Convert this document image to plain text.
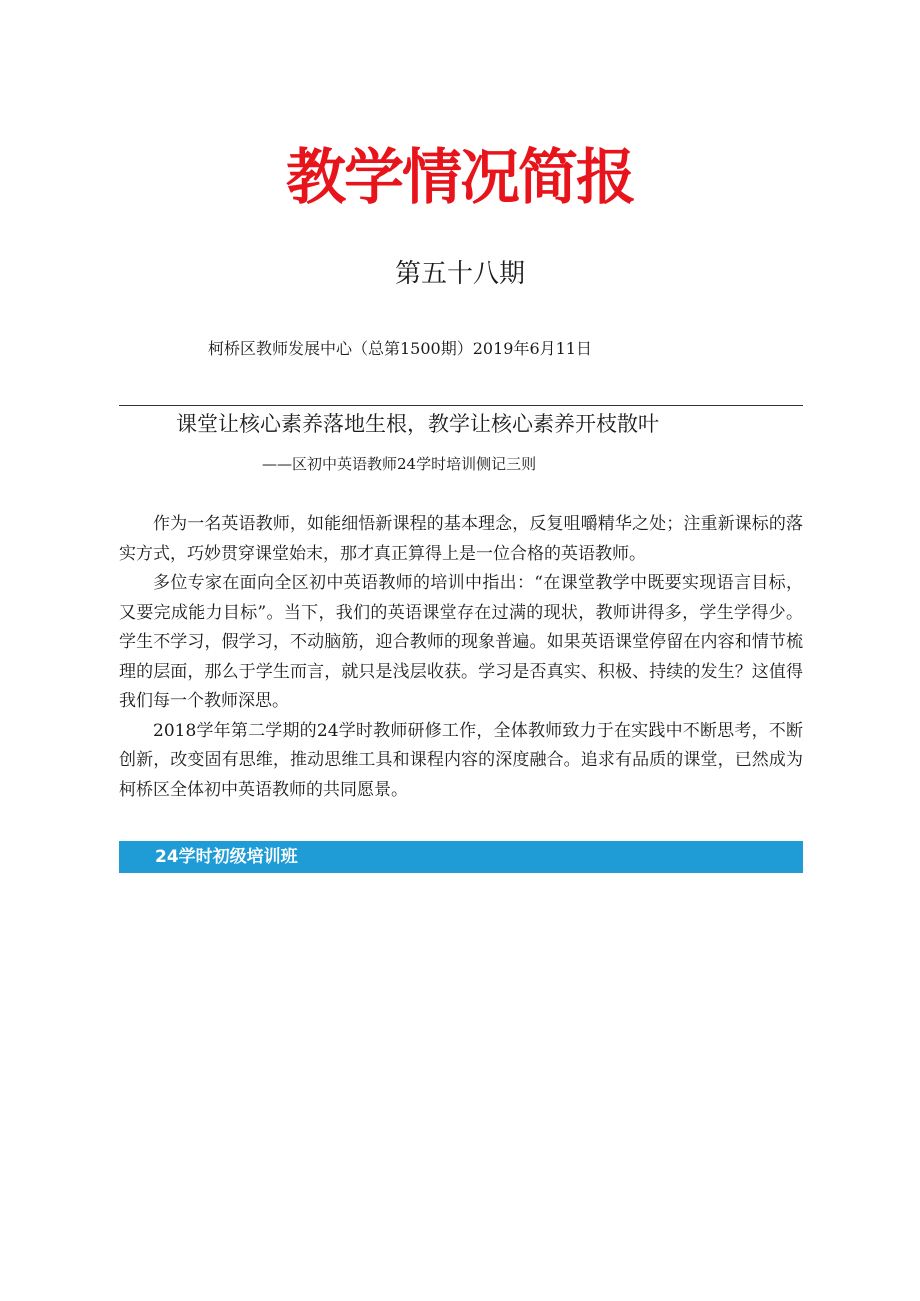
教学情况简报
第五十八期
柯桥区教师发展中心（总第1500期）2019年6月11日
课堂让核心素养落地生根，教学让核心素养开枝散叶
——区初中英语教师24学时培训侧记三则

作为一名英语教师，如能细悟新课程的基本理念，反复咀嚼精华之处；注重新课标的落实方式，巧妙贯穿课堂始末，那才真正算得上是一位合格的英语教师。

多位专家在面向全区初中英语教师的培训中指出：“在课堂教学中既要实现语言目标，又要完成能力目标”。当下，我们的英语课堂存在过满的现状，教师讲得多，学生学得少。学生不学习，假学习，不动脑筋，迎合教师的现象普遍。如果英语课堂停留在内容和情节梳理的层面，那么于学生而言，就只是浅层收获。学习是否真实、积极、持续的发生？这值得我们每一个教师深思。

2018学年第二学期的24学时教师研修工作，全体教师致力于在实践中不断思考，不断创新，改变固有思维，推动思维工具和课程内容的深度融合。追求有品质的课堂，已然成为柯桥区全体初中英语教师的共同愿景。

24学时初级培训班
